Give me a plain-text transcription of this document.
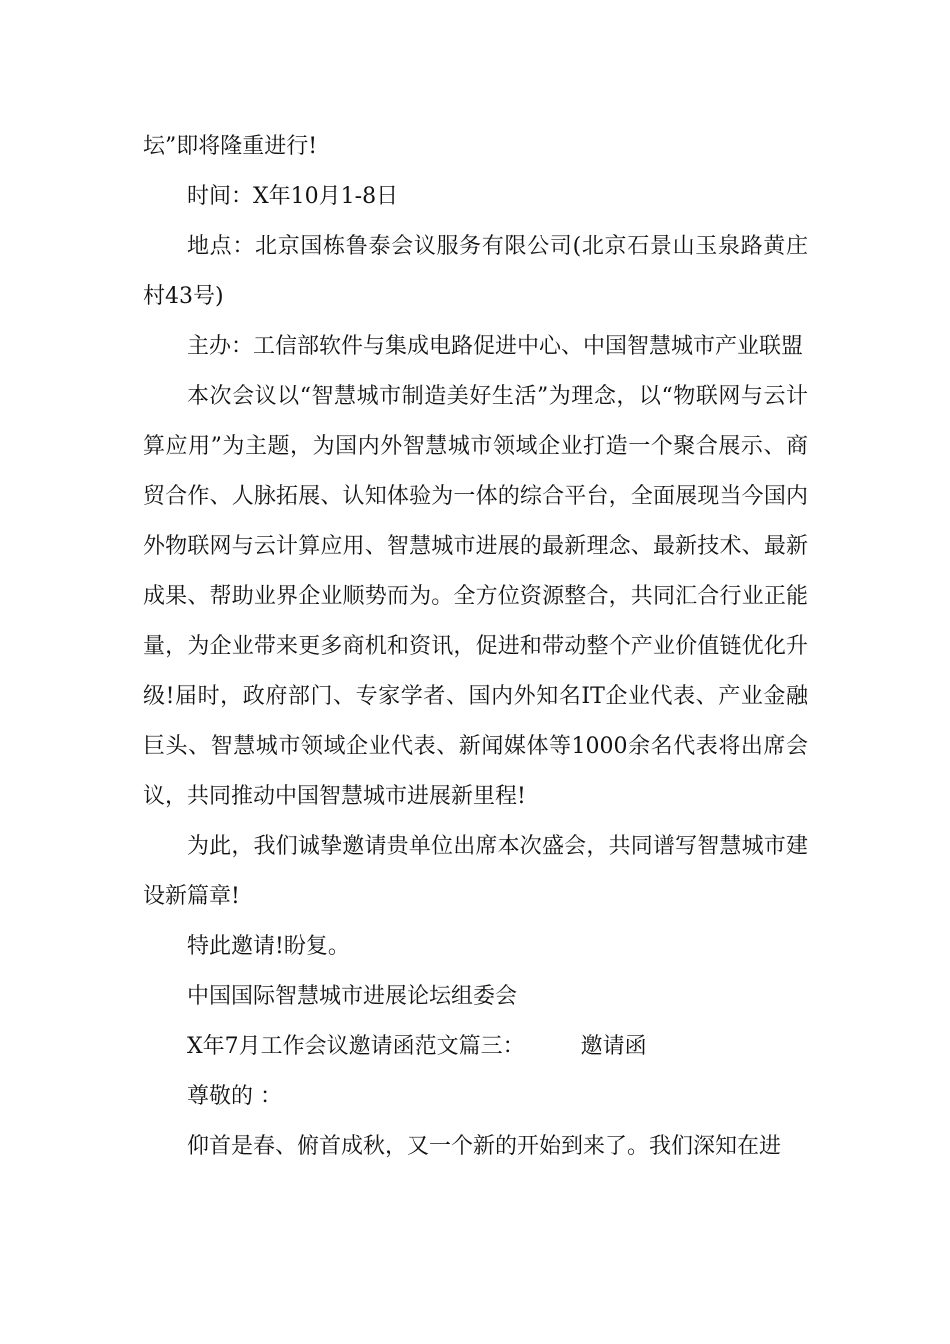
坛”即将隆重进行!

时间：X年10月1-8日

地点：北京国栋鲁泰会议服务有限公司(北京石景山玉泉路黄庄村43号)

主办：工信部软件与集成电路促进中心、中国智慧城市产业联盟

本次会议以“智慧城市制造美好生活”为理念，以“物联网与云计算应用”为主题，为国内外智慧城市领域企业打造一个聚合展示、商贸合作、人脉拓展、认知体验为一体的综合平台，全面展现当今国内外物联网与云计算应用、智慧城市进展的最新理念、最新技术、最新成果、帮助业界企业顺势而为。全方位资源整合，共同汇合行业正能量，为企业带来更多商机和资讯，促进和带动整个产业价值链优化升级!届时，政府部门、专家学者、国内外知名IT企业代表、产业金融巨头、智慧城市领域企业代表、新闻媒体等1000余名代表将出席会议，共同推动中国智慧城市进展新里程!

为此，我们诚挚邀请贵单位出席本次盛会，共同谱写智慧城市建设新篇章!

特此邀请!盼复。

中国国际智慧城市进展论坛组委会

X年7月工作会议邀请函范文篇三：	邀请函

尊敬的 ：

仰首是春、俯首成秋，又一个新的开始到来了。我们深知在进
